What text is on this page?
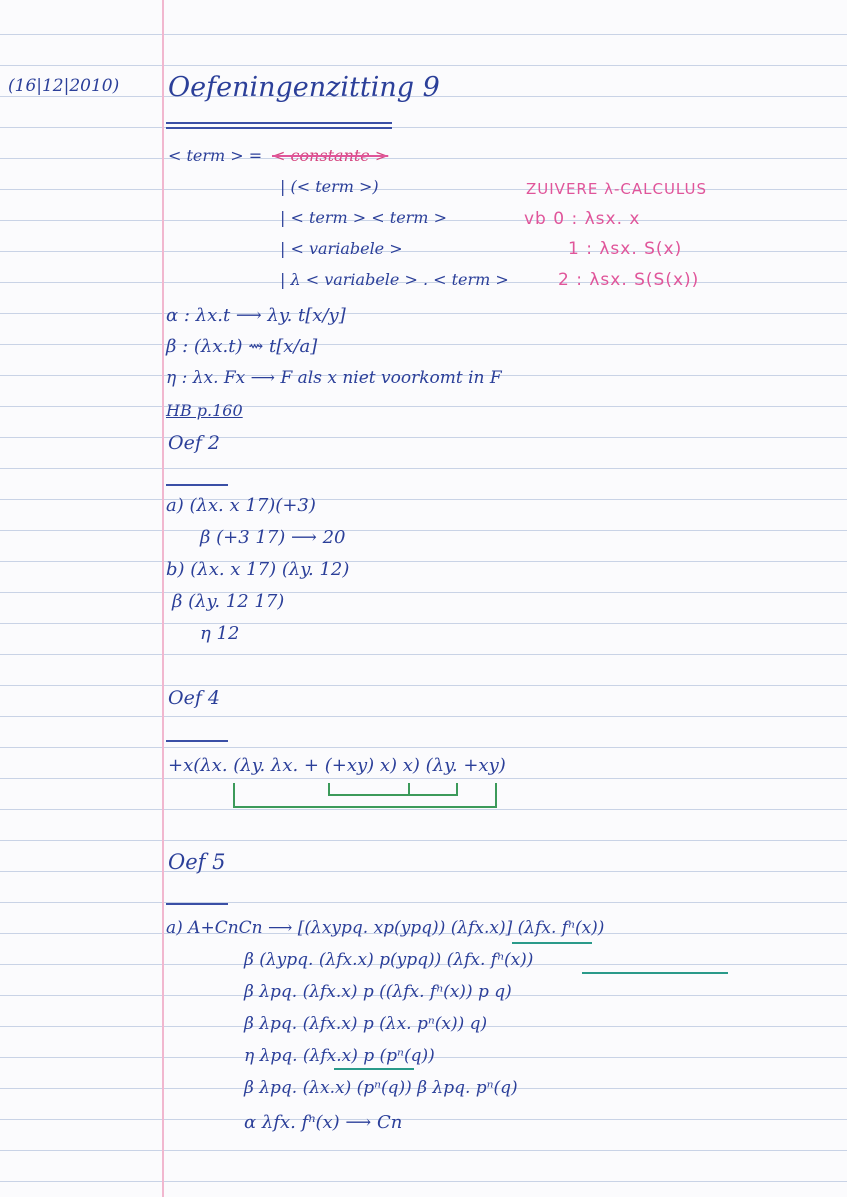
(16|12|2010) Oefeningenzitting 9
< term > = < constante >
| (< term >)
| < term > < term >
| < variabele >
| λ < variabele > . < term >
ZUIVERE λ-CALCULUS
vb 0 : λsx. x
1 : λsx. S(x)
2 : λsx. S(S(x))
α : λx.t ⟶ λy. t[x/y]
β : (λx.t) ⇝ t[x/a]
η : λx. Fx ⟶ F als x niet voorkomt in F
HB p.160
Oef 2
a) (λx. x 17)(+3)
β (+3 17) ⟶ 20
b) (λx. x 17) (λy. 12)
β (λy. 12 17)
η 12
Oef 4
+x(λx. (λy. λx. + (+xy) x) x) (λy. +xy)
Oef 5
a) A+CnCn ⟶ [(λxypq. xp(ypq)) (λfx.x)] (λfx. fⁿ(x))
β (λypq. (λfx.x) p(ypq)) (λfx. fⁿ(x))
β λpq. (λfx.x) p ((λfx. fⁿ(x)) p q)
β λpq. (λfx.x) p (λx. pⁿ(x)) q)
η λpq. (λfx.x) p (pⁿ(q))
β λpq. (λx.x) (pⁿ(q)) β λpq. pⁿ(q)
α λfx. fⁿ(x) ⟶ Cn
